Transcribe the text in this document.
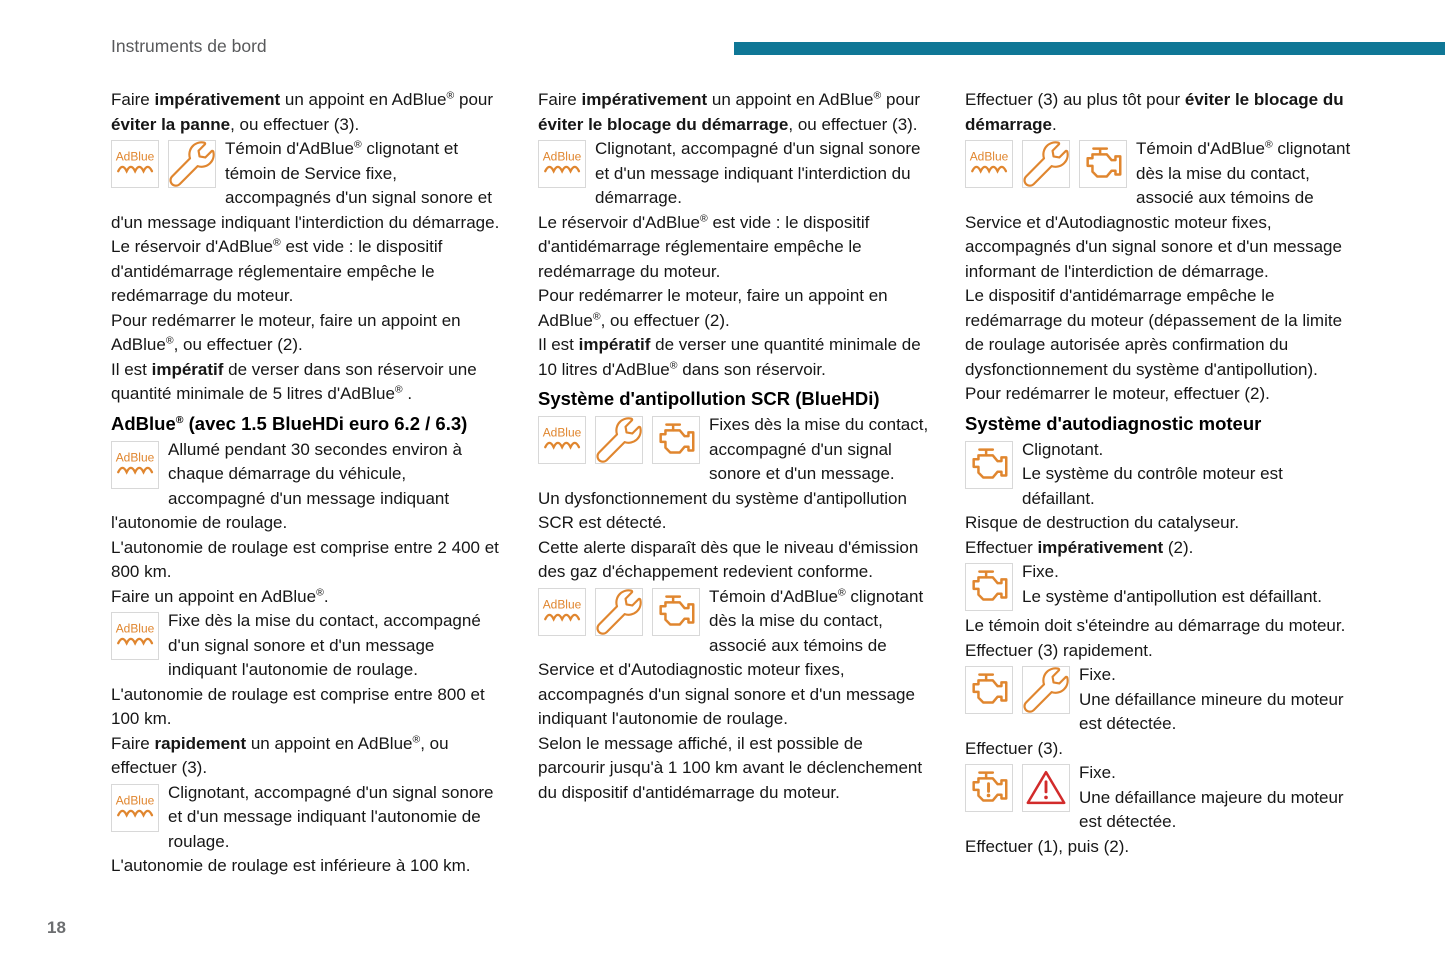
Instruments de bord
Faire impérativement un appoint en AdBlue® pour éviter la panne, ou effectuer (3).
AdBlue	Témoin d'AdBlue® clignotant et témoin de Service fixe, accompagnés d'un signal sonore et d'un message indiquant l'interdiction du démarrage.
Le réservoir d'AdBlue® est vide : le dispositif d'antidémarrage réglementaire empêche le redémarrage du moteur.
Pour redémarrer le moteur, faire un appoint en AdBlue®, ou effectuer (2).
Il est impératif de verser dans son réservoir une quantité minimale de 5 litres d'AdBlue® .
AdBlue® (avec 1.5 BlueHDi euro 6.2 / 6.3)
AdBlue Allumé pendant 30 secondes environ à chaque démarrage du véhicule, accompagné d'un message indiquant l'autonomie de roulage.
L'autonomie de roulage est comprise entre 2 400 et 800 km.
Faire un appoint en AdBlue®.
AdBlue Fixe dès la mise du contact, accompagné d'un signal sonore et d'un message indiquant l'autonomie de roulage.
L'autonomie de roulage est comprise entre 800 et 100 km.
Faire rapidement un appoint en AdBlue®, ou effectuer (3).
AdBlue Clignotant, accompagné d'un signal sonore et d'un message indiquant l'autonomie de roulage.
L'autonomie de roulage est inférieure à 100 km.
Faire impérativement un appoint en AdBlue® pour éviter le blocage du démarrage, ou effectuer (3).
AdBlue Clignotant, accompagné d'un signal sonore et d'un message indiquant l'interdiction du démarrage.
Le réservoir d'AdBlue® est vide : le dispositif d'antidémarrage réglementaire empêche le redémarrage du moteur.
Pour redémarrer le moteur, faire un appoint en AdBlue®, ou effectuer (2).
Il est impératif de verser une quantité minimale de 10 litres d'AdBlue® dans son réservoir.
Système d'antipollution SCR (BlueHDi)
AdBlue	Fixes dès la mise du contact, accompagné d'un signal sonore et d'un message.
Un dysfonctionnement du système d'antipollution SCR est détecté.
Cette alerte disparaît dès que le niveau d'émission des gaz d'échappement redevient conforme.
AdBlue	Témoin d'AdBlue® clignotant dès la mise du contact, associé aux témoins de Service et d'Autodiagnostic moteur fixes, accompagnés d'un signal sonore et d'un message indiquant l'autonomie de roulage.
Selon le message affiché, il est possible de parcourir jusqu'à 1 100 km avant le déclenchement du dispositif d'antidémarrage du moteur.
Effectuer (3) au plus tôt pour éviter le blocage du démarrage.
AdBlue	Témoin d'AdBlue® clignotant dès la mise du contact, associé aux témoins de Service et d'Autodiagnostic moteur fixes, accompagnés d'un signal sonore et d'un message informant de l'interdiction de démarrage.
Le dispositif d'antidémarrage empêche le redémarrage du moteur (dépassement de la limite de roulage autorisée après confirmation du dysfonctionnement du système d'antipollution).
Pour redémarrer le moteur, effectuer (2).
Système d'autodiagnostic moteur
Clignotant.
Le système du contrôle moteur est défaillant.
Risque de destruction du catalyseur.
Effectuer impérativement (2).
Fixe.
Le système d'antipollution est défaillant.
Le témoin doit s'éteindre au démarrage du moteur.
Effectuer (3) rapidement.
Fixe.
Une défaillance mineure du moteur est détectée.
Effectuer (3).
Fixe.
Une défaillance majeure du moteur est détectée.
Effectuer (1), puis (2).
18
